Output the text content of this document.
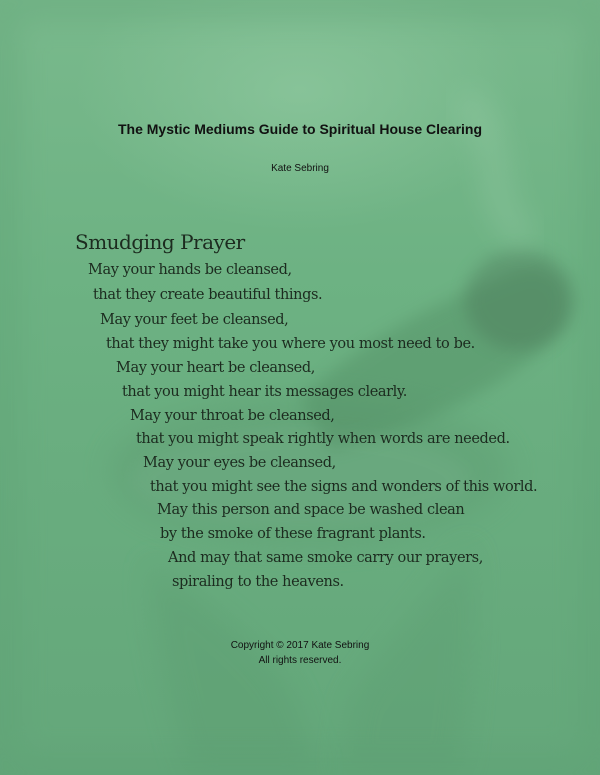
The Mystic Mediums Guide to Spiritual House Clearing
Kate Sebring
Smudging Prayer
May your hands be cleansed,
that they create beautiful things.
May your feet be cleansed,
that they might take you where you most need to be.
May your heart be cleansed,
that you might hear its messages clearly.
May your throat be cleansed,
that you might speak rightly when words are needed.
May your eyes be cleansed,
that you might see the signs and wonders of this world.
May this person and space be washed clean
by the smoke of these fragrant plants.
And may that same smoke carry our prayers,
spiraling to the heavens.
Copyright © 2017 Kate Sebring
All rights reserved.
